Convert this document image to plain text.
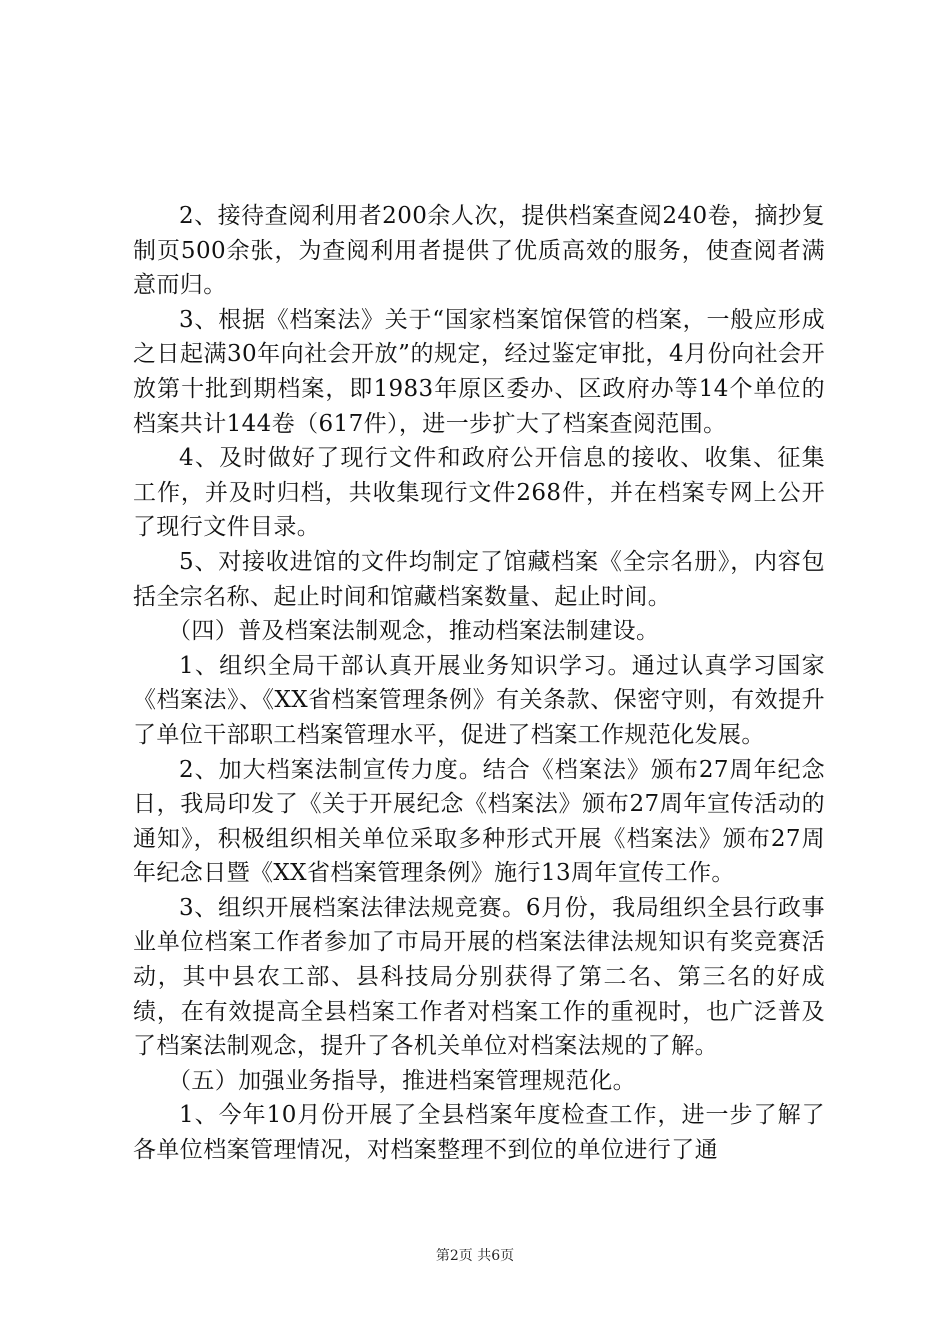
2、接待查阅利用者200余人次，提供档案查阅240卷，摘抄复制页500余张，为查阅利用者提供了优质高效的服务，使查阅者满意而归。

3、根据《档案法》关于“国家档案馆保管的档案，一般应形成之日起满30年向社会开放”的规定，经过鉴定审批，4月份向社会开放第十批到期档案，即1983年原区委办、区政府办等14个单位的档案共计144卷（617件），进一步扩大了档案查阅范围。

4、及时做好了现行文件和政府公开信息的接收、收集、征集工作，并及时归档，共收集现行文件268件，并在档案专网上公开了现行文件目录。

5、对接收进馆的文件均制定了馆藏档案《全宗名册》，内容包括全宗名称、起止时间和馆藏档案数量、起止时间。

（四）普及档案法制观念，推动档案法制建设。

1、组织全局干部认真开展业务知识学习。通过认真学习国家《档案法》、《XX省档案管理条例》有关条款、保密守则，有效提升了单位干部职工档案管理水平，促进了档案工作规范化发展。

2、加大档案法制宣传力度。结合《档案法》颁布27周年纪念日，我局印发了《关于开展纪念《档案法》颁布27周年宣传活动的通知》，积极组织相关单位采取多种形式开展《档案法》颁布27周年纪念日暨《XX省档案管理条例》施行13周年宣传工作。

3、组织开展档案法律法规竞赛。6月份，我局组织全县行政事业单位档案工作者参加了市局开展的档案法律法规知识有奖竞赛活动，其中县农工部、县科技局分别获得了第二名、第三名的好成绩，在有效提高全县档案工作者对档案工作的重视时，也广泛普及了档案法制观念，提升了各机关单位对档案法规的了解。

（五）加强业务指导，推进档案管理规范化。

1、今年10月份开展了全县档案年度检查工作，进一步了解了各单位档案管理情况，对档案整理不到位的单位进行了通

第2页 共6页
